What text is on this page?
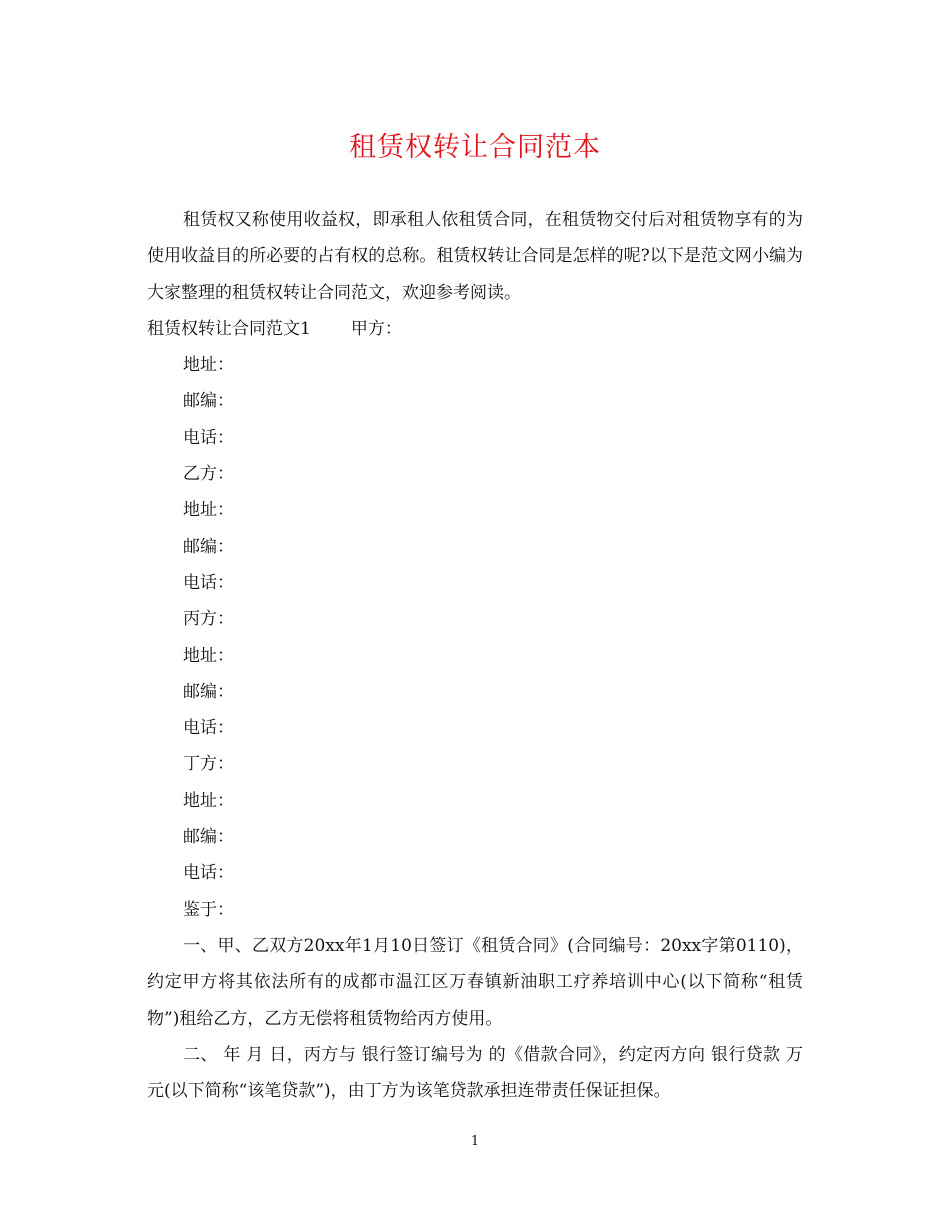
租赁权转让合同范本

租赁权又称使用收益权，即承租人依租赁合同，在租赁物交付后对租赁物享有的为使用收益目的所必要的占有权的总称。租赁权转让合同是怎样的呢?以下是范文网小编为大家整理的租赁权转让合同范文，欢迎参考阅读。

租赁权转让合同范文1 甲方：

地址：

邮编：

电话：

乙方：

地址：

邮编：

电话：

丙方：

地址：

邮编：

电话：

丁方：

地址：

邮编：

电话：

鉴于：

一、甲、乙双方20xx年1月10日签订《租赁合同》(合同编号：20xx字第0110)，约定甲方将其依法所有的成都市温江区万春镇新油职工疗养培训中心(以下简称“租赁物”)租给乙方，乙方无偿将租赁物给丙方使用。

二、 年 月 日，丙方与 银行签订编号为 的《借款合同》，约定丙方向 银行贷款 万元(以下简称“该笔贷款”)，由丁方为该笔贷款承担连带责任保证担保。

1
